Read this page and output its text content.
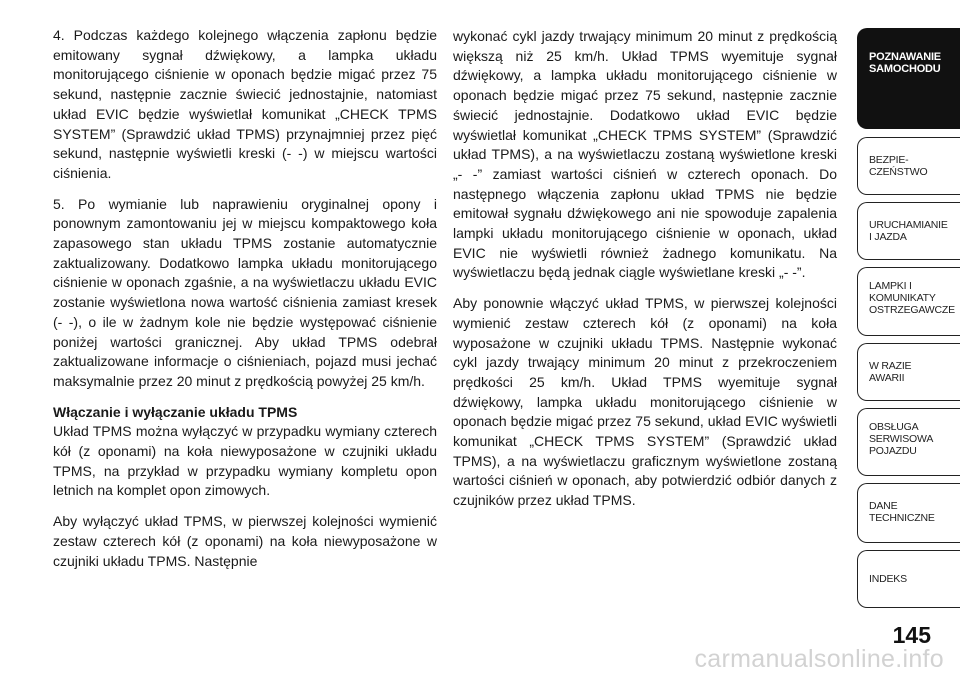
4. Podczas każdego kolejnego włączenia zapłonu będzie emitowany sygnał dźwiękowy, a lampka układu monitorującego ciśnienie w oponach będzie migać przez 75 sekund, następnie zacznie świecić jednostajnie, natomiast układ EVIC będzie wyświetlał komunikat „CHECK TPMS SYSTEM” (Sprawdzić układ TPMS) przynajmniej przez pięć sekund, następnie wyświetli kreski (- -) w miejscu wartości ciśnienia.

5. Po wymianie lub naprawieniu oryginalnej opony i ponownym zamontowaniu jej w miejscu kompaktowego koła zapasowego stan układu TPMS zostanie automatycznie zaktualizowany. Dodatkowo lampka układu monitorującego ciśnienie w oponach zgaśnie, a na wyświetlaczu układu EVIC zostanie wyświetlona nowa wartość ciśnienia zamiast kresek (- -), o ile w żadnym kole nie będzie występować ciśnienie poniżej wartości granicznej. Aby układ TPMS odebrał zaktualizowane informacje o ciśnieniach, pojazd musi jechać maksymalnie przez 20 minut z prędkością powyżej 25 km/h.

Włączanie i wyłączanie układu TPMS

Układ TPMS można wyłączyć w przypadku wymiany czterech kół (z oponami) na koła niewyposażone w czujniki układu TPMS, na przykład w przypadku wymiany kompletu opon letnich na komplet opon zimowych.

Aby wyłączyć układ TPMS, w pierwszej kolejności wymienić zestaw czterech kół (z oponami) na koła niewyposażone w czujniki układu TPMS. Następnie

wykonać cykl jazdy trwający minimum 20 minut z prędkością większą niż 25 km/h. Układ TPMS wyemituje sygnał dźwiękowy, a lampka układu monitorującego ciśnienie w oponach będzie migać przez 75 sekund, następnie zacznie świecić jednostajnie. Dodatkowo układ EVIC będzie wyświetlał komunikat „CHECK TPMS SYSTEM” (Sprawdzić układ TPMS), a na wyświetlaczu zostaną wyświetlone kreski „- -” zamiast wartości ciśnień w czterech oponach. Do następnego włączenia zapłonu układ TPMS nie będzie emitował sygnału dźwiękowego ani nie spowoduje zapalenia lampki układu monitorującego ciśnienie w oponach, układ EVIC nie wyświetli również żadnego komunikatu. Na wyświetlaczu będą jednak ciągle wyświetlane kreski „- -”.

Aby ponownie włączyć układ TPMS, w pierwszej kolejności wymienić zestaw czterech kół (z oponami) na koła wyposażone w czujniki układu TPMS. Następnie wykonać cykl jazdy trwający minimum 20 minut z przekroczeniem prędkości 25 km/h. Układ TPMS wyemituje sygnał dźwiękowy, lampka układu monitorującego ciśnienie w oponach będzie migać przez 75 sekund, układ EVIC wyświetli komunikat „CHECK TPMS SYSTEM” (Sprawdzić układ TPMS), a na wyświetlaczu graficznym wyświetlone zostaną wartości ciśnień w oponach, aby potwierdzić odbiór danych z czujników przez układ TPMS.

POZNAWANIE
SAMOCHODU
BEZPIE-
CZEŃSTWO
URUCHAMIANIE
I JAZDA
LAMPKI I
KOMUNIKATY
OSTRZEGAWCZE
W RAZIE
AWARII
OBSŁUGA
SERWISOWA
POJAZDU
DANE
TECHNICZNE
INDEKS
145
carmanualsonline.info
